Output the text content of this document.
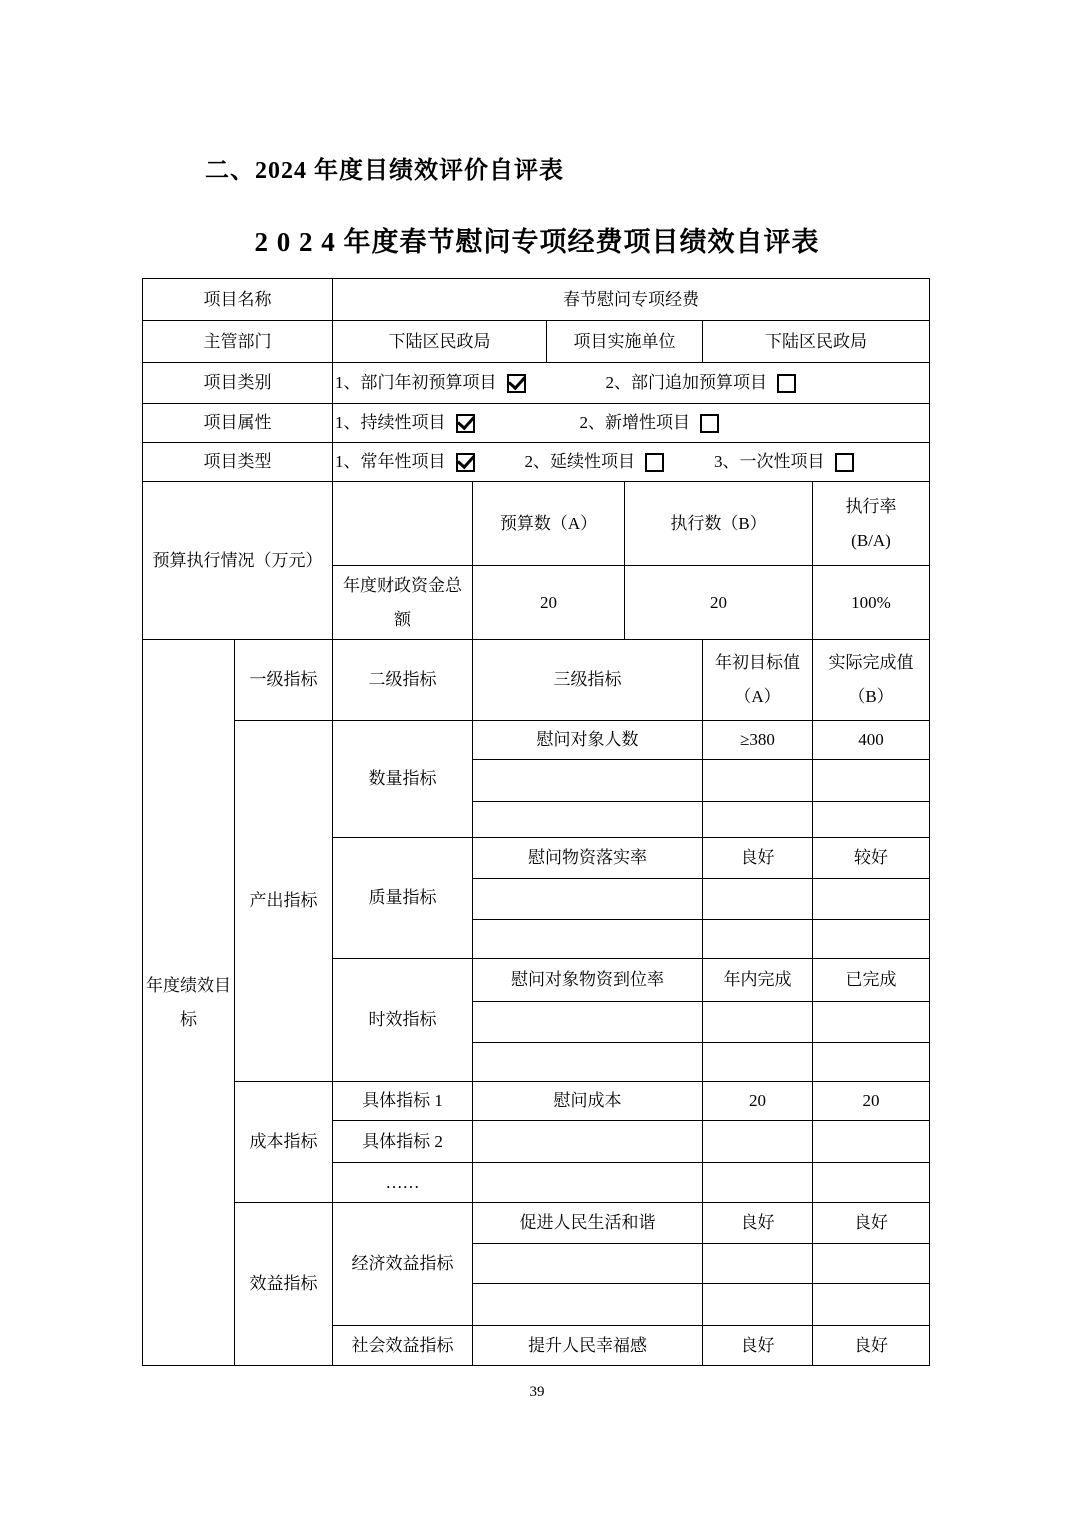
二、2024 年度目绩效评价自评表
2 0 2 4 年度春节慰问专项经费项目绩效自评表
项目名称		春节慰问专项经费					
主管部门		下陆区民政局		项目实施单位		下陆区民政局	
项目类别		1、部门年初预算项目 2、部门追加预算项目					

项目属性		1、持续性项目 2、新增性项目					

项目类型		1、常年性项目 2、延续性项目 3、一次性项目					

预算执行情况（万元）			预算数（A）		执行数（B）		执行率
(B/A)
		年度财政资金总额	20		20		100%
年度绩效目标	一级指标	二级指标	三级指标			年初目标值（A）	实际完成值（B）
	产出指标	数量指标	慰问对象人数			≥380	400

		质量指标	慰问物资落实率			良好	较好

		时效指标	慰问对象物资到位率			年内完成	已完成

	成本指标	具体指标 1	慰问成本			20	20
		具体指标 2					
		……					
	效益指标	经济效益指标	促进人民生活和谐			良好	良好

		社会效益指标	提升人民幸福感			良好	良好
39
